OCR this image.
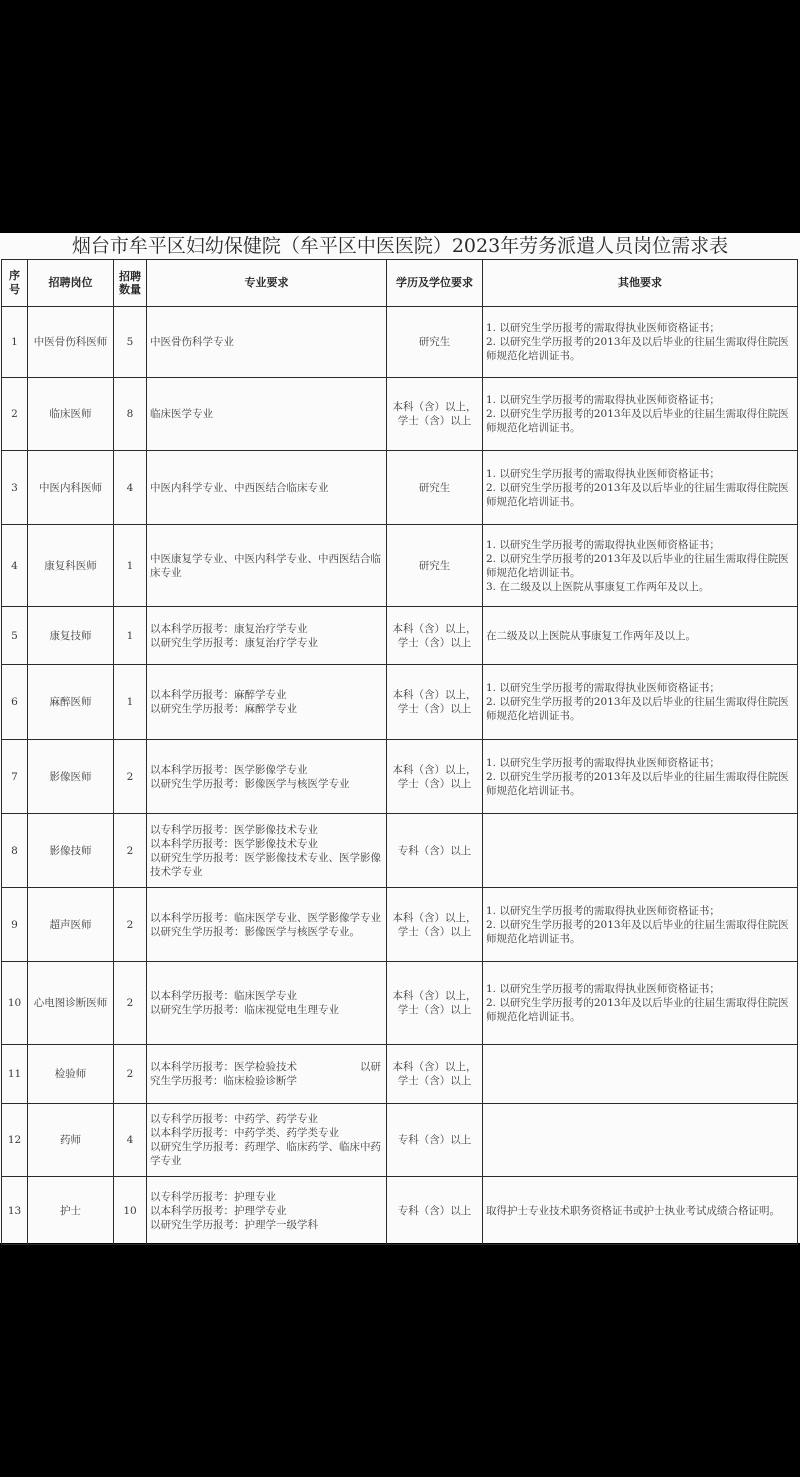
烟台市牟平区妇幼保健院（牟平区中医医院）2023年劳务派遣人员岗位需求表
序号	招聘岗位	招聘
数量	专业要求	学历及学位要求	其他要求
1	中医骨伤科医师	5	中医骨伤科学专业	研究生	1. 以研究生学历报考的需取得执业医师资格证书；
2. 以研究生学历报考的2013年及以后毕业的往届生需取得住院医师规范化培训证书。

2	临床医师	8	临床医学专业	本科（含）以上，
学士（含）以上	1. 以研究生学历报考的需取得执业医师资格证书；
2. 以研究生学历报考的2013年及以后毕业的往届生需取得住院医师规范化培训证书。

3	中医内科医师	4	中医内科学专业、中西医结合临床专业	研究生	1. 以研究生学历报考的需取得执业医师资格证书；
2. 以研究生学历报考的2013年及以后毕业的往届生需取得住院医师规范化培训证书。

4	康复科医师	1	中医康复学专业、中医内科学专业、中西医结合临床专业	研究生	1. 以研究生学历报考的需取得执业医师资格证书；
2. 以研究生学历报考的2013年及以后毕业的往届生需取得住院医师规范化培训证书。
3. 在二级及以上医院从事康复工作两年及以上。

5	康复技师	1	以本科学历报考：康复治疗学专业
以研究生学历报考：康复治疗学专业	本科（含）以上，
学士（含）以上	在二级及以上医院从事康复工作两年及以上。

6	麻醉医师	1	以本科学历报考：麻醉学专业
以研究生学历报考：麻醉学专业	本科（含）以上，
学士（含）以上	1. 以研究生学历报考的需取得执业医师资格证书；
2. 以研究生学历报考的2013年及以后毕业的往届生需取得住院医师规范化培训证书。

7	影像医师	2	以本科学历报考：医学影像学专业
以研究生学历报考：影像医学与核医学专业	本科（含）以上，
学士（含）以上	1. 以研究生学历报考的需取得执业医师资格证书；
2. 以研究生学历报考的2013年及以后毕业的往届生需取得住院医师规范化培训证书。

8	影像技师	2	以专科学历报考：医学影像技术专业
以本科学历报考：医学影像技术专业
以研究生学历报考：医学影像技术专业、医学影像技术学专业	专科（含）以上	

9	超声医师	2	以本科学历报考：临床医学专业、医学影像学专业
以研究生学历报考：影像医学与核医学专业。	本科（含）以上，
学士（含）以上	1. 以研究生学历报考的需取得执业医师资格证书；
2. 以研究生学历报考的2013年及以后毕业的往届生需取得住院医师规范化培训证书。

10	心电图诊断医师	2	以本科学历报考：临床医学专业
以研究生学历报考：临床视觉电生理专业	本科（含）以上，
学士（含）以上	1. 以研究生学历报考的需取得执业医师资格证书；
2. 以研究生学历报考的2013年及以后毕业的往届生需取得住院医师规范化培训证书。

11	检验师	2	以本科学历报考：医学检验技术　　　　　　以研究生学历报考：临床检验诊断学	本科（含）以上，
学士（含）以上	

12	药师	4	以专科学历报考：中药学、药学专业
以本科学历报考：中药学类、药学类专业
以研究生学历报考：药理学、临床药学、临床中药学专业	专科（含）以上	

13	护士	10	以专科学历报考：护理专业
以本科学历报考：护理学专业
以研究生学历报考：护理学一级学科	专科（含）以上	取得护士专业技术职务资格证书或护士执业考试成绩合格证明。
